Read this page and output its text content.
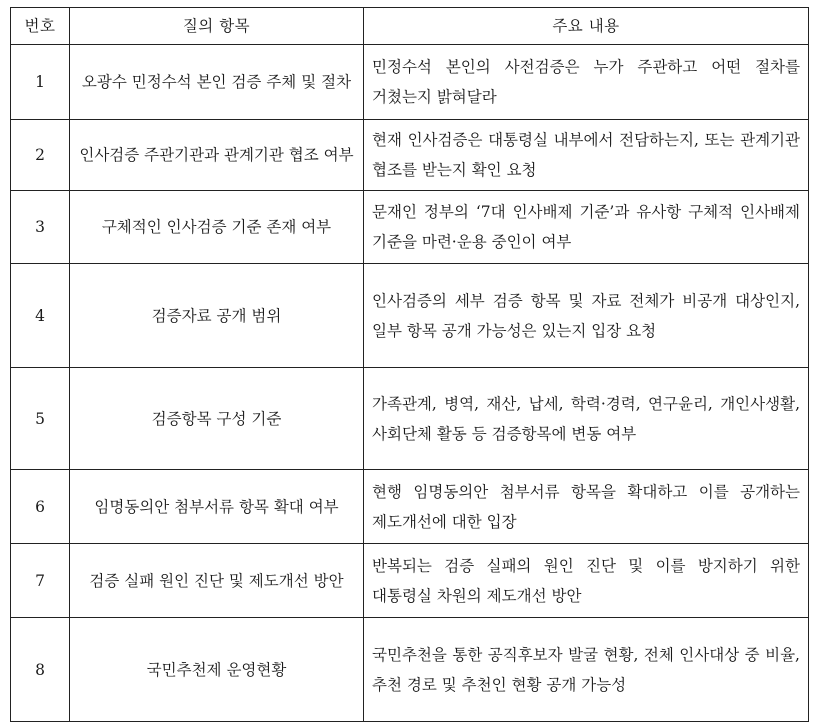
번호	질의 항목	주요 내용
1	오광수 민정수석 본인 검증 주체 및 절차	민정수석 본인의 사전검증은 누가 주관하고 어떤 절차를 거쳤는지 밝혀달라
2	인사검증 주관기관과 관계기관 협조 여부	현재 인사검증은 대통령실 내부에서 전담하는지, 또는 관계기관 협조를 받는지 확인 요청
3	구체적인 인사검증 기준 존재 여부	문재인 정부의 ‘7대 인사배제 기준’과 유사항 구체적 인사배제 기준을 마련·운용 중인이 여부
4	검증자료 공개 범위	인사검증의 세부 검증 항목 및 자료 전체가 비공개 대상인지, 일부 항목 공개 가능성은 있는지 입장 요청
5	검증항목 구성 기준	가족관계, 병역, 재산, 납세, 학력·경력, 연구윤리, 개인사생활, 사회단체 활동 등 검증항목에 변동 여부
6	임명동의안 첨부서류 항목 확대 여부	현행 임명동의안 첨부서류 항목을 확대하고 이를 공개하는 제도개선에 대한 입장
7	검증 실패 원인 진단 및 제도개선 방안	반복되는 검증 실패의 원인 진단 및 이를 방지하기 위한 대통령실 차원의 제도개선 방안
8	국민추천제 운영현황	국민추천을 통한 공직후보자 발굴 현황, 전체 인사대상 중 비율, 추천 경로 및 추천인 현황 공개 가능성
